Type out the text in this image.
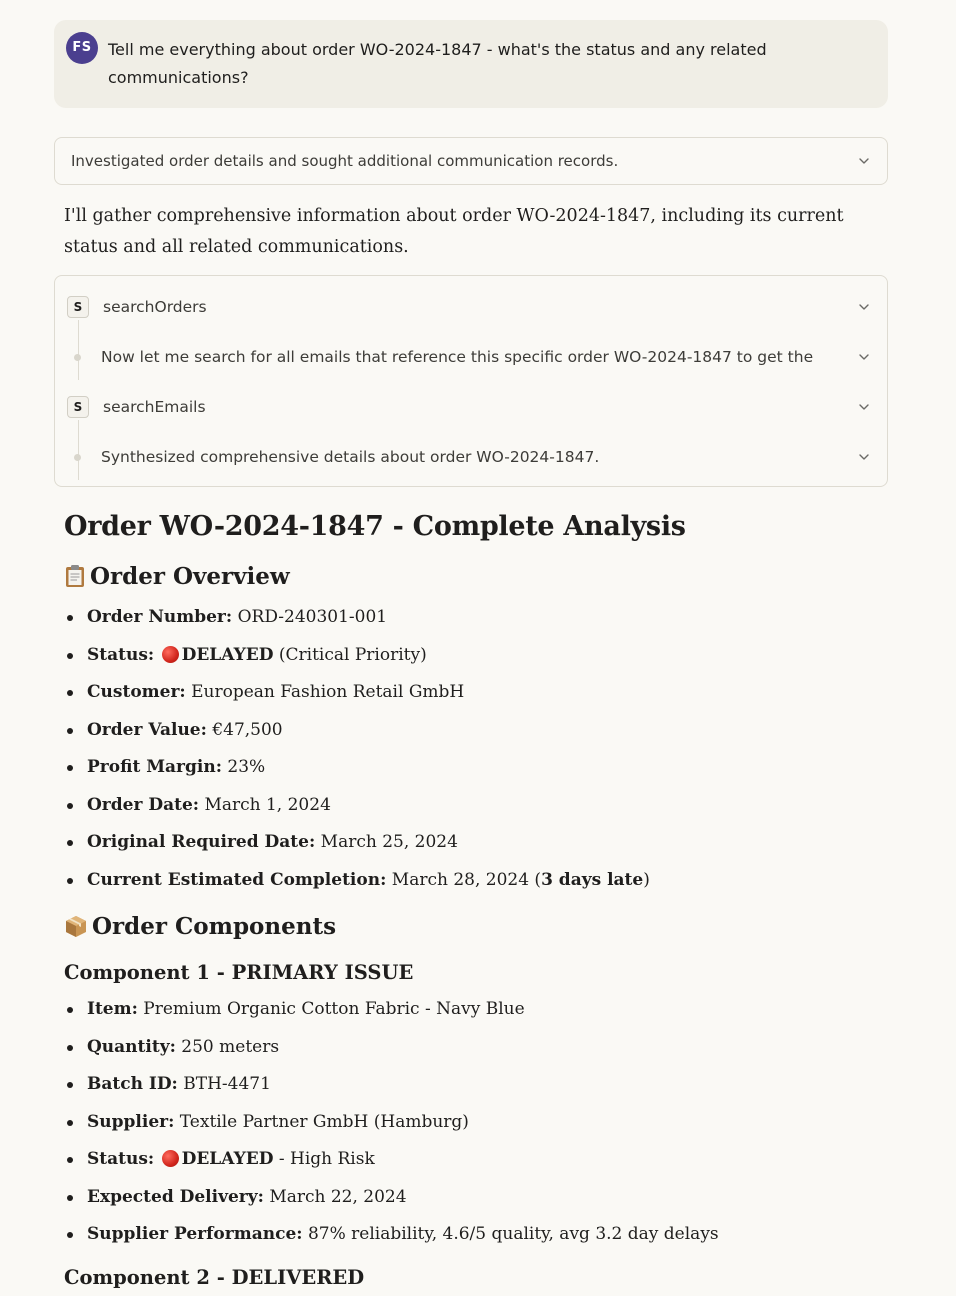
FS	Tell me everything about order WO-2024-1847 - what's the status and any related communications?
Investigated order details and sought additional communication records.
I'll gather comprehensive information about order WO-2024-1847, including its current status and all related communications.
S	searchOrders
Now let me search for all emails that reference this specific order WO-2024-1847 to get the
S	searchEmails
Synthesized comprehensive details about order WO-2024-1847.
Order WO-2024-1847 - Complete Analysis
Order Overview
Order Number: ORD-240301-001
Status: DELAYED (Critical Priority)
Customer: European Fashion Retail GmbH
Order Value: €47,500
Profit Margin: 23%
Order Date: March 1, 2024
Original Required Date: March 25, 2024
Current Estimated Completion: March 28, 2024 (3 days late)
Order Components
Component 1 - PRIMARY ISSUE
Item: Premium Organic Cotton Fabric - Navy Blue
Quantity: 250 meters
Batch ID: BTH-4471
Supplier: Textile Partner GmbH (Hamburg)
Status: DELAYED - High Risk
Expected Delivery: March 22, 2024
Supplier Performance: 87% reliability, 4.6/5 quality, avg 3.2 day delays
Component 2 - DELIVERED
